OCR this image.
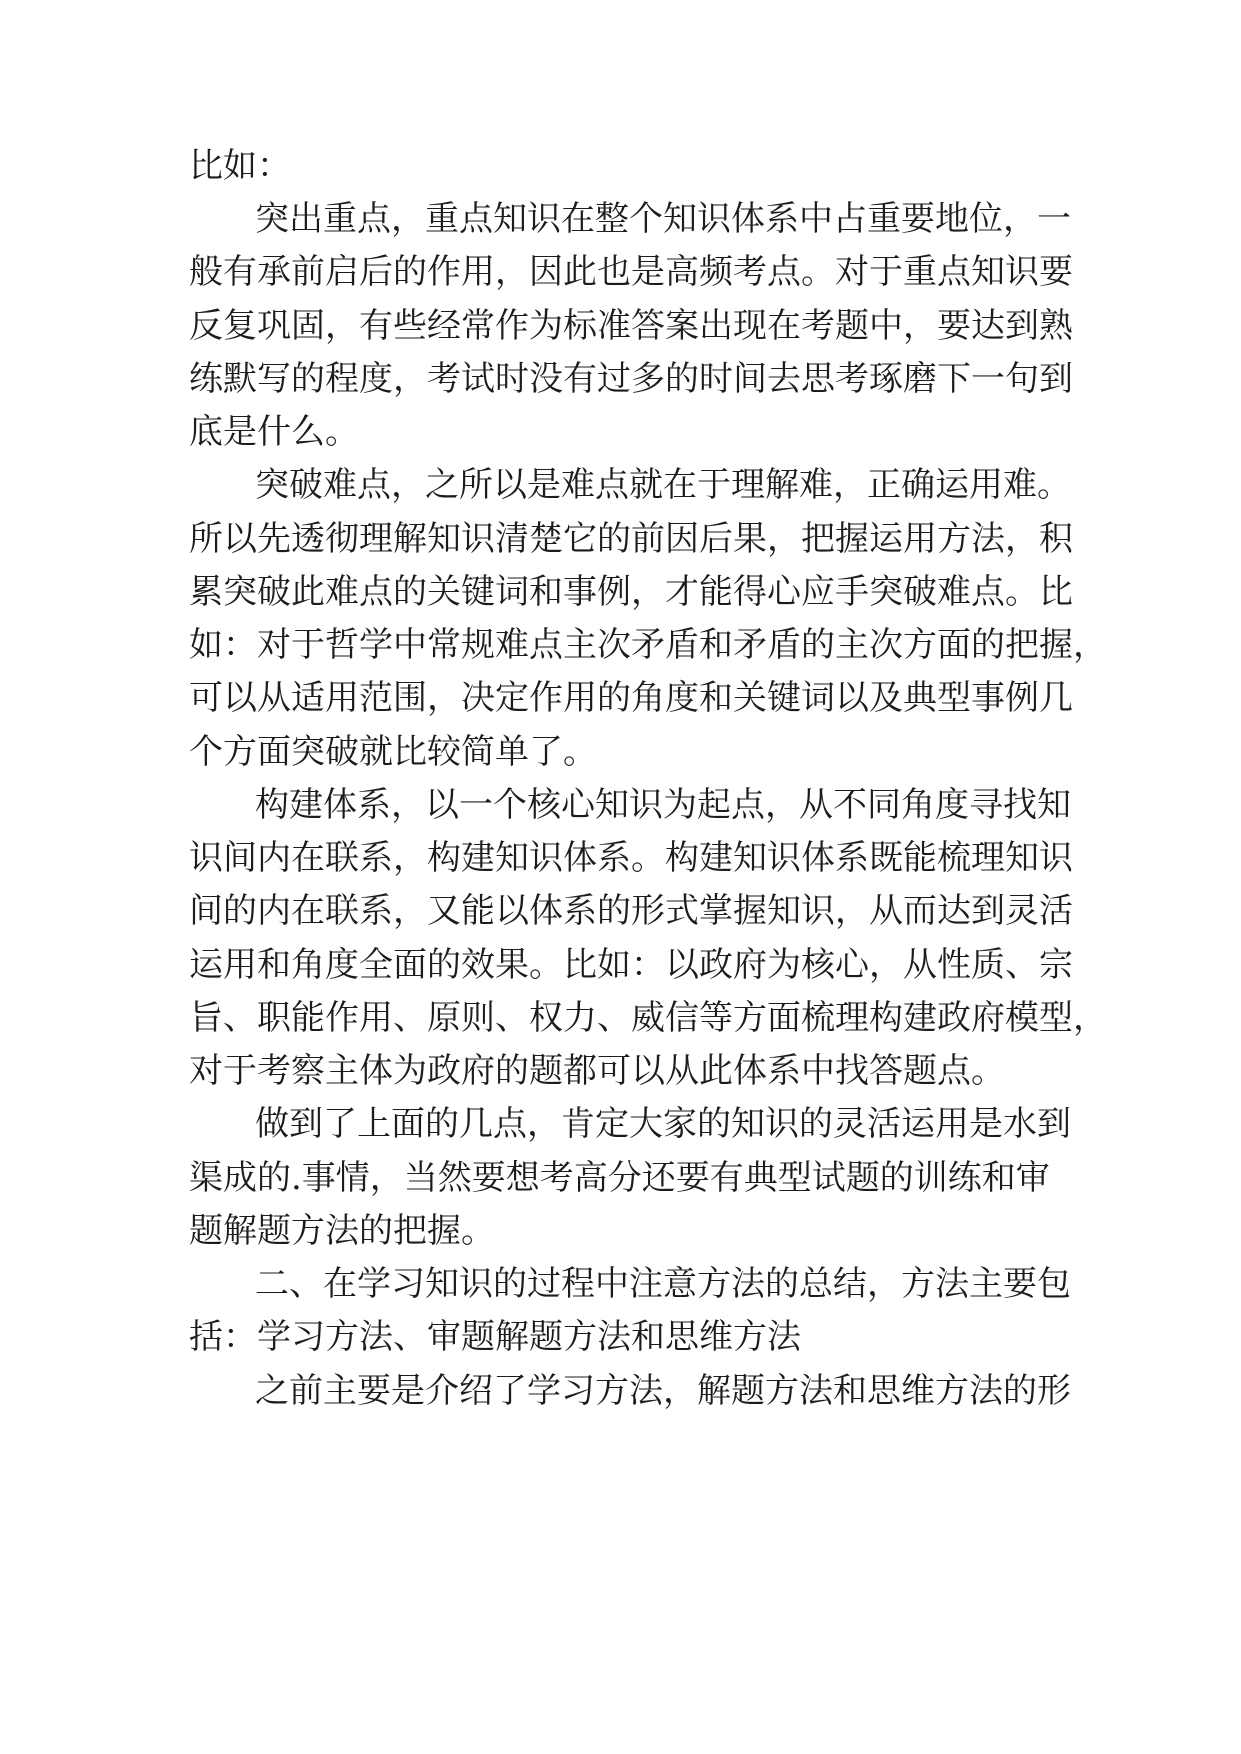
比如：
突出重点，重点知识在整个知识体系中占重要地位，一
般有承前启后的作用，因此也是高频考点。对于重点知识要
反复巩固，有些经常作为标准答案出现在考题中，要达到熟
练默写的程度，考试时没有过多的时间去思考琢磨下一句到
底是什么。
突破难点，之所以是难点就在于理解难，正确运用难。
所以先透彻理解知识清楚它的前因后果，把握运用方法，积
累突破此难点的关键词和事例，才能得心应手突破难点。比
如：对于哲学中常规难点主次矛盾和矛盾的主次方面的把握，
可以从适用范围，决定作用的角度和关键词以及典型事例几
个方面突破就比较简单了。
构建体系，以一个核心知识为起点，从不同角度寻找知
识间内在联系，构建知识体系。构建知识体系既能梳理知识
间的内在联系，又能以体系的形式掌握知识，从而达到灵活
运用和角度全面的效果。比如：以政府为核心，从性质、宗
旨、职能作用、原则、权力、威信等方面梳理构建政府模型，
对于考察主体为政府的题都可以从此体系中找答题点。
做到了上面的几点，肯定大家的知识的灵活运用是水到
渠成的.事情，当然要想考高分还要有典型试题的训练和审
题解题方法的把握。
二、在学习知识的过程中注意方法的总结，方法主要包
括：学习方法、审题解题方法和思维方法
之前主要是介绍了学习方法，解题方法和思维方法的形
